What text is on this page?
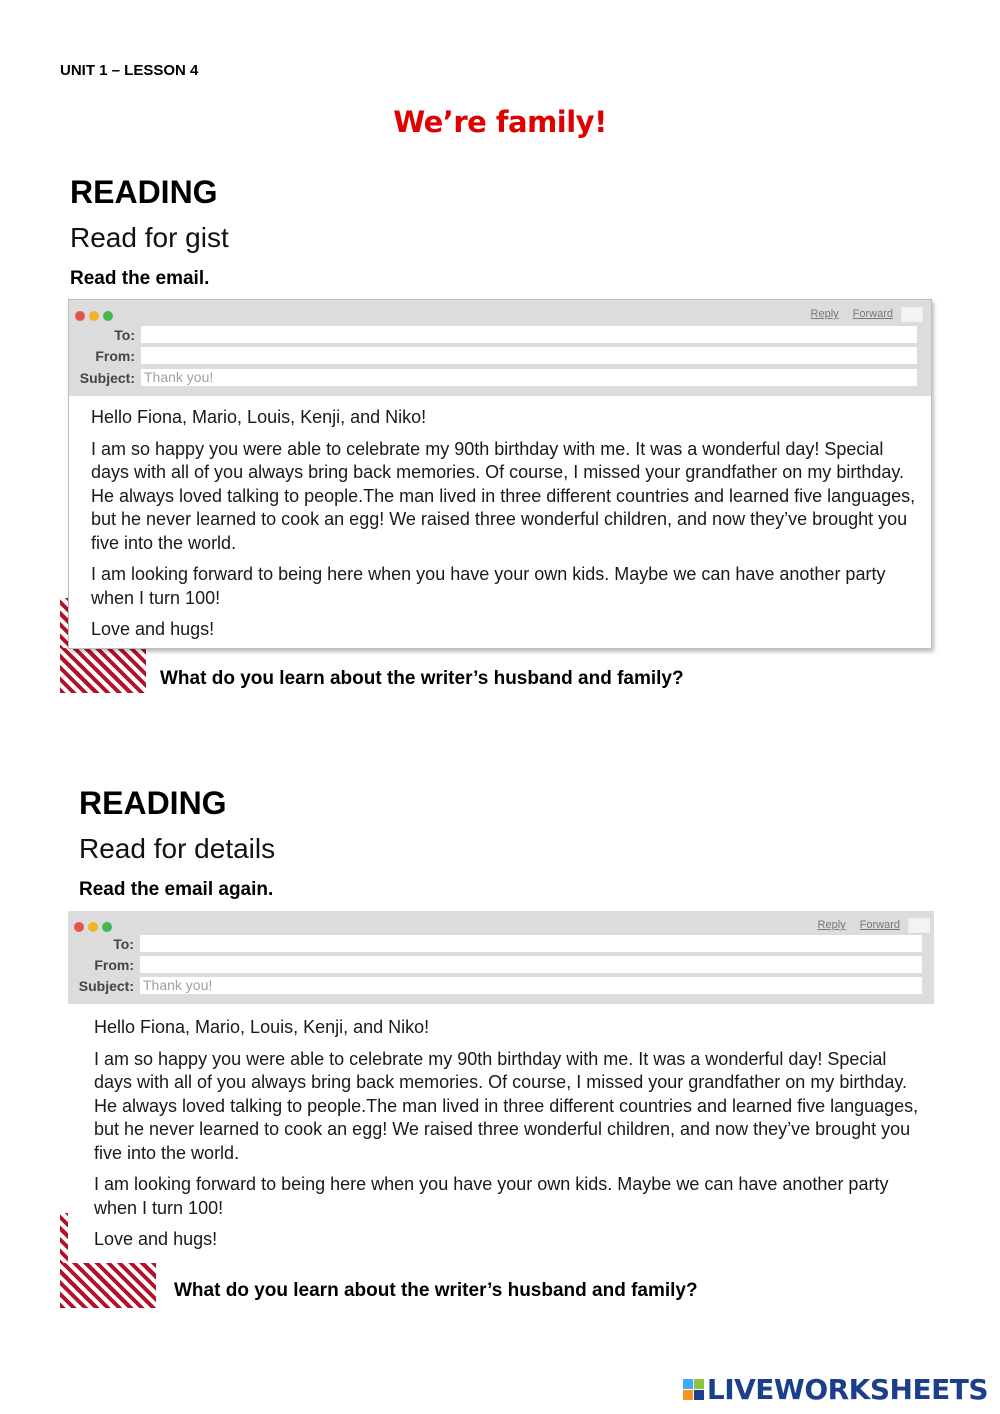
UNIT 1 – LESSON 4
We’re family!
READING
Read for gist
Read the email.
Reply Forward
To:
From:
Subject: Thank you!

Hello Fiona, Mario, Louis, Kenji, and Niko!

I am so happy you were able to celebrate my 90th birthday with me. It was a wonderful day! Special days with all of you always bring back memories. Of course, I missed your grandfather on my birthday. He always loved talking to people.The man lived in three different countries and learned five languages, but he never learned to cook an egg! We raised three wonderful children, and now they’ve brought you five into the world.

I am looking forward to being here when you have your own kids. Maybe we can have another party when I turn 100!

Love and hugs!

What do you learn about the writer’s husband and family?
READING
Read for details
Read the email again.
Reply Forward
To:
From:
Subject: Thank you!

Hello Fiona, Mario, Louis, Kenji, and Niko!

I am so happy you were able to celebrate my 90th birthday with me. It was a wonderful day! Special days with all of you always bring back memories. Of course, I missed your grandfather on my birthday. He always loved talking to people.The man lived in three different countries and learned five languages, but he never learned to cook an egg! We raised three wonderful children, and now they’ve brought you five into the world.

I am looking forward to being here when you have your own kids. Maybe we can have another party when I turn 100!

Love and hugs!

What do you learn about the writer’s husband and family?
LIVEWORKSHEETS
